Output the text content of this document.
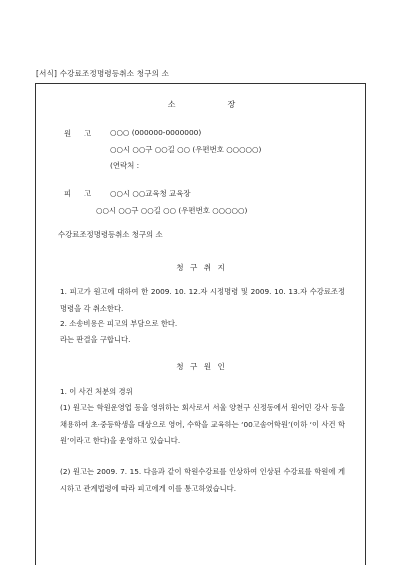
[서식] 수강료조정명령등취소 청구의 소
소	장
원 고	○○○ (000000-0000000)
○○시 ○○구 ○○길 ○○ (우편번호 ○○○○○)
(연락처 :
피 고	○○시 ○○교육청 교육장
○○시 ○○구 ○○길 ○○ (우편번호 ○○○○○)
수강료조정명령등취소 청구의 소
청 구 취 지
1. 피고가 원고에 대하여 한 2009. 10. 12.자 시정명령 및 2009. 10. 13.자 수강료조정 명령을 각 취소한다.
2. 소송비용은 피고의 부담으로 한다.
라는 판결을 구합니다.
청 구 원 인
1. 이 사건 처분의 경위
(1) 원고는 학원운영업 등을 영위하는 회사로서 서울 양천구 신정동에서 원어민 강사 등을 채용하여 초·중등학생을 대상으로 영어, 수학을 교육하는 ‘00고솜어학원’(이하 ‘이 사건 학원’이라고 한다)을 운영하고 있습니다.
(2) 원고는 2009. 7. 15. 다음과 같이 학원수강료를 인상하여 인상된 수강료를 학원에 게시하고 관계법령에 따라 피고에게 이를 통고하였습니다.
